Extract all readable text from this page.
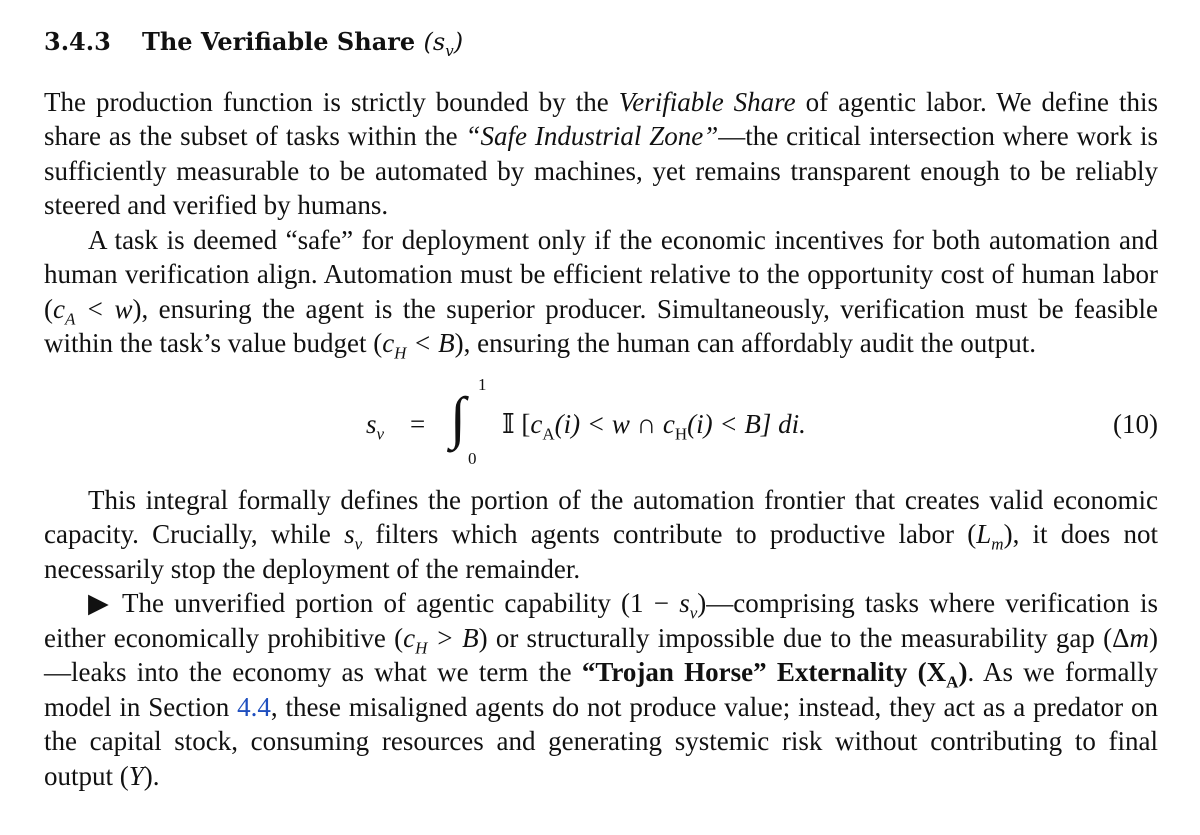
3.4.3 The Verifiable Share $(s_v)$

The production function is strictly bounded by the Verifiable Share of agentic labor. We define this share as the subset of tasks within the “Safe Industrial Zone”—the critical intersection where work is sufficiently measurable to be automated by machines, yet remains transparent enough to be reliably steered and verified by humans.

A task is deemed “safe” for deployment only if the economic incentives for both automation and human verification align. Automation must be efficient relative to the opportunity cost of human labor $(c_A < w)$, ensuring the agent is the superior producer. Simultaneously, verification must be feasible within the task’s value budget $(c_H < B)$, ensuring the human can affordably audit the output.

$s_v$ = ∫
1
0
𝕀 [$c_A(i) < w$ ∩ $c_H(i) < B$] di.	(10)

This integral formally defines the portion of the automation frontier that creates valid economic capacity. Crucially, while $s_v$ filters which agents contribute to productive labor $(L_m)$, it does not necessarily stop the deployment of the remainder.

▶ The unverified portion of agentic capability $(1 - s_v)—comprising$ tasks where verification is either economically prohibitive $(c_H > B)$ or structurally impossible due to the measurability gap (Δm)—leaks into the economy as what we term the “Trojan Horse” Externality $(X_A)$. As we formally model in Section 4.4, these misaligned agents do not produce value; instead, they act as a predator on the capital stock, consuming resources and generating systemic risk without contributing to final output (Y).
